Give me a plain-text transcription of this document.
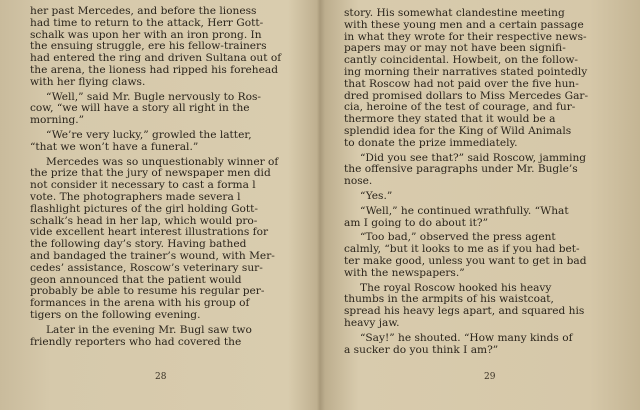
her past Mercedes, and before the lioness
had time to return to the attack, Herr Gott-
schalk was upon her with an iron prong. In
the ensuing struggle, ere his fellow-trainers
had entered the ring and driven Sultana out of
the arena, the lioness had ripped his forehead
with her flying claws.
“Well,” said Mr. Bugle nervously to Ros-
cow, “we will have a story all right in the
morning.”
“We’re very lucky,” growled the latter,
“that we won’t have a funeral.”
Mercedes was so unquestionably winner of
the prize that the jury of newspaper men did
not consider it necessary to cast a forma l
vote. The photographers made severa l
flashlight pictures of the girl holding Gott-
schalk’s head in her lap, which would pro-
vide excellent heart interest illustrations for
the following day’s story. Having bathed
and bandaged the trainer’s wound, with Mer-
cedes’ assistance, Roscow’s veterinary sur-
geon announced that the patient would
probably be able to resume his regular per-
formances in the arena with his group of
tigers on the following evening.
Later in the evening Mr. Bugl saw two
friendly reporters who had covered the
28
story. His somewhat clandestine meeting
with these young men and a certain passage
in what they wrote for their respective news-
papers may or may not have been signifi-
cantly coincidental. Howbeit, on the follow-
ing morning their narratives stated pointedly
that Roscow had not paid over the five hun-
dred promised dollars to Miss Mercedes Gar-
cia, heroine of the test of courage, and fur-
thermore they stated that it would be a
splendid idea for the King of Wild Animals
to donate the prize immediately.
“Did you see that?” said Roscow, jamming
the offensive paragraphs under Mr. Bugle’s
nose.
“Yes.”
“Well,” he continued wrathfully. “What
am I going to do about it?”
“Too bad,” observed the press agent
calmly, “but it looks to me as if you had bet-
ter make good, unless you want to get in bad
with the newspapers.”
The royal Roscow hooked his heavy
thumbs in the armpits of his waistcoat,
spread his heavy legs apart, and squared his
heavy jaw.
“Say!” he shouted. “How many kinds of
a sucker do you think I am?”
29
